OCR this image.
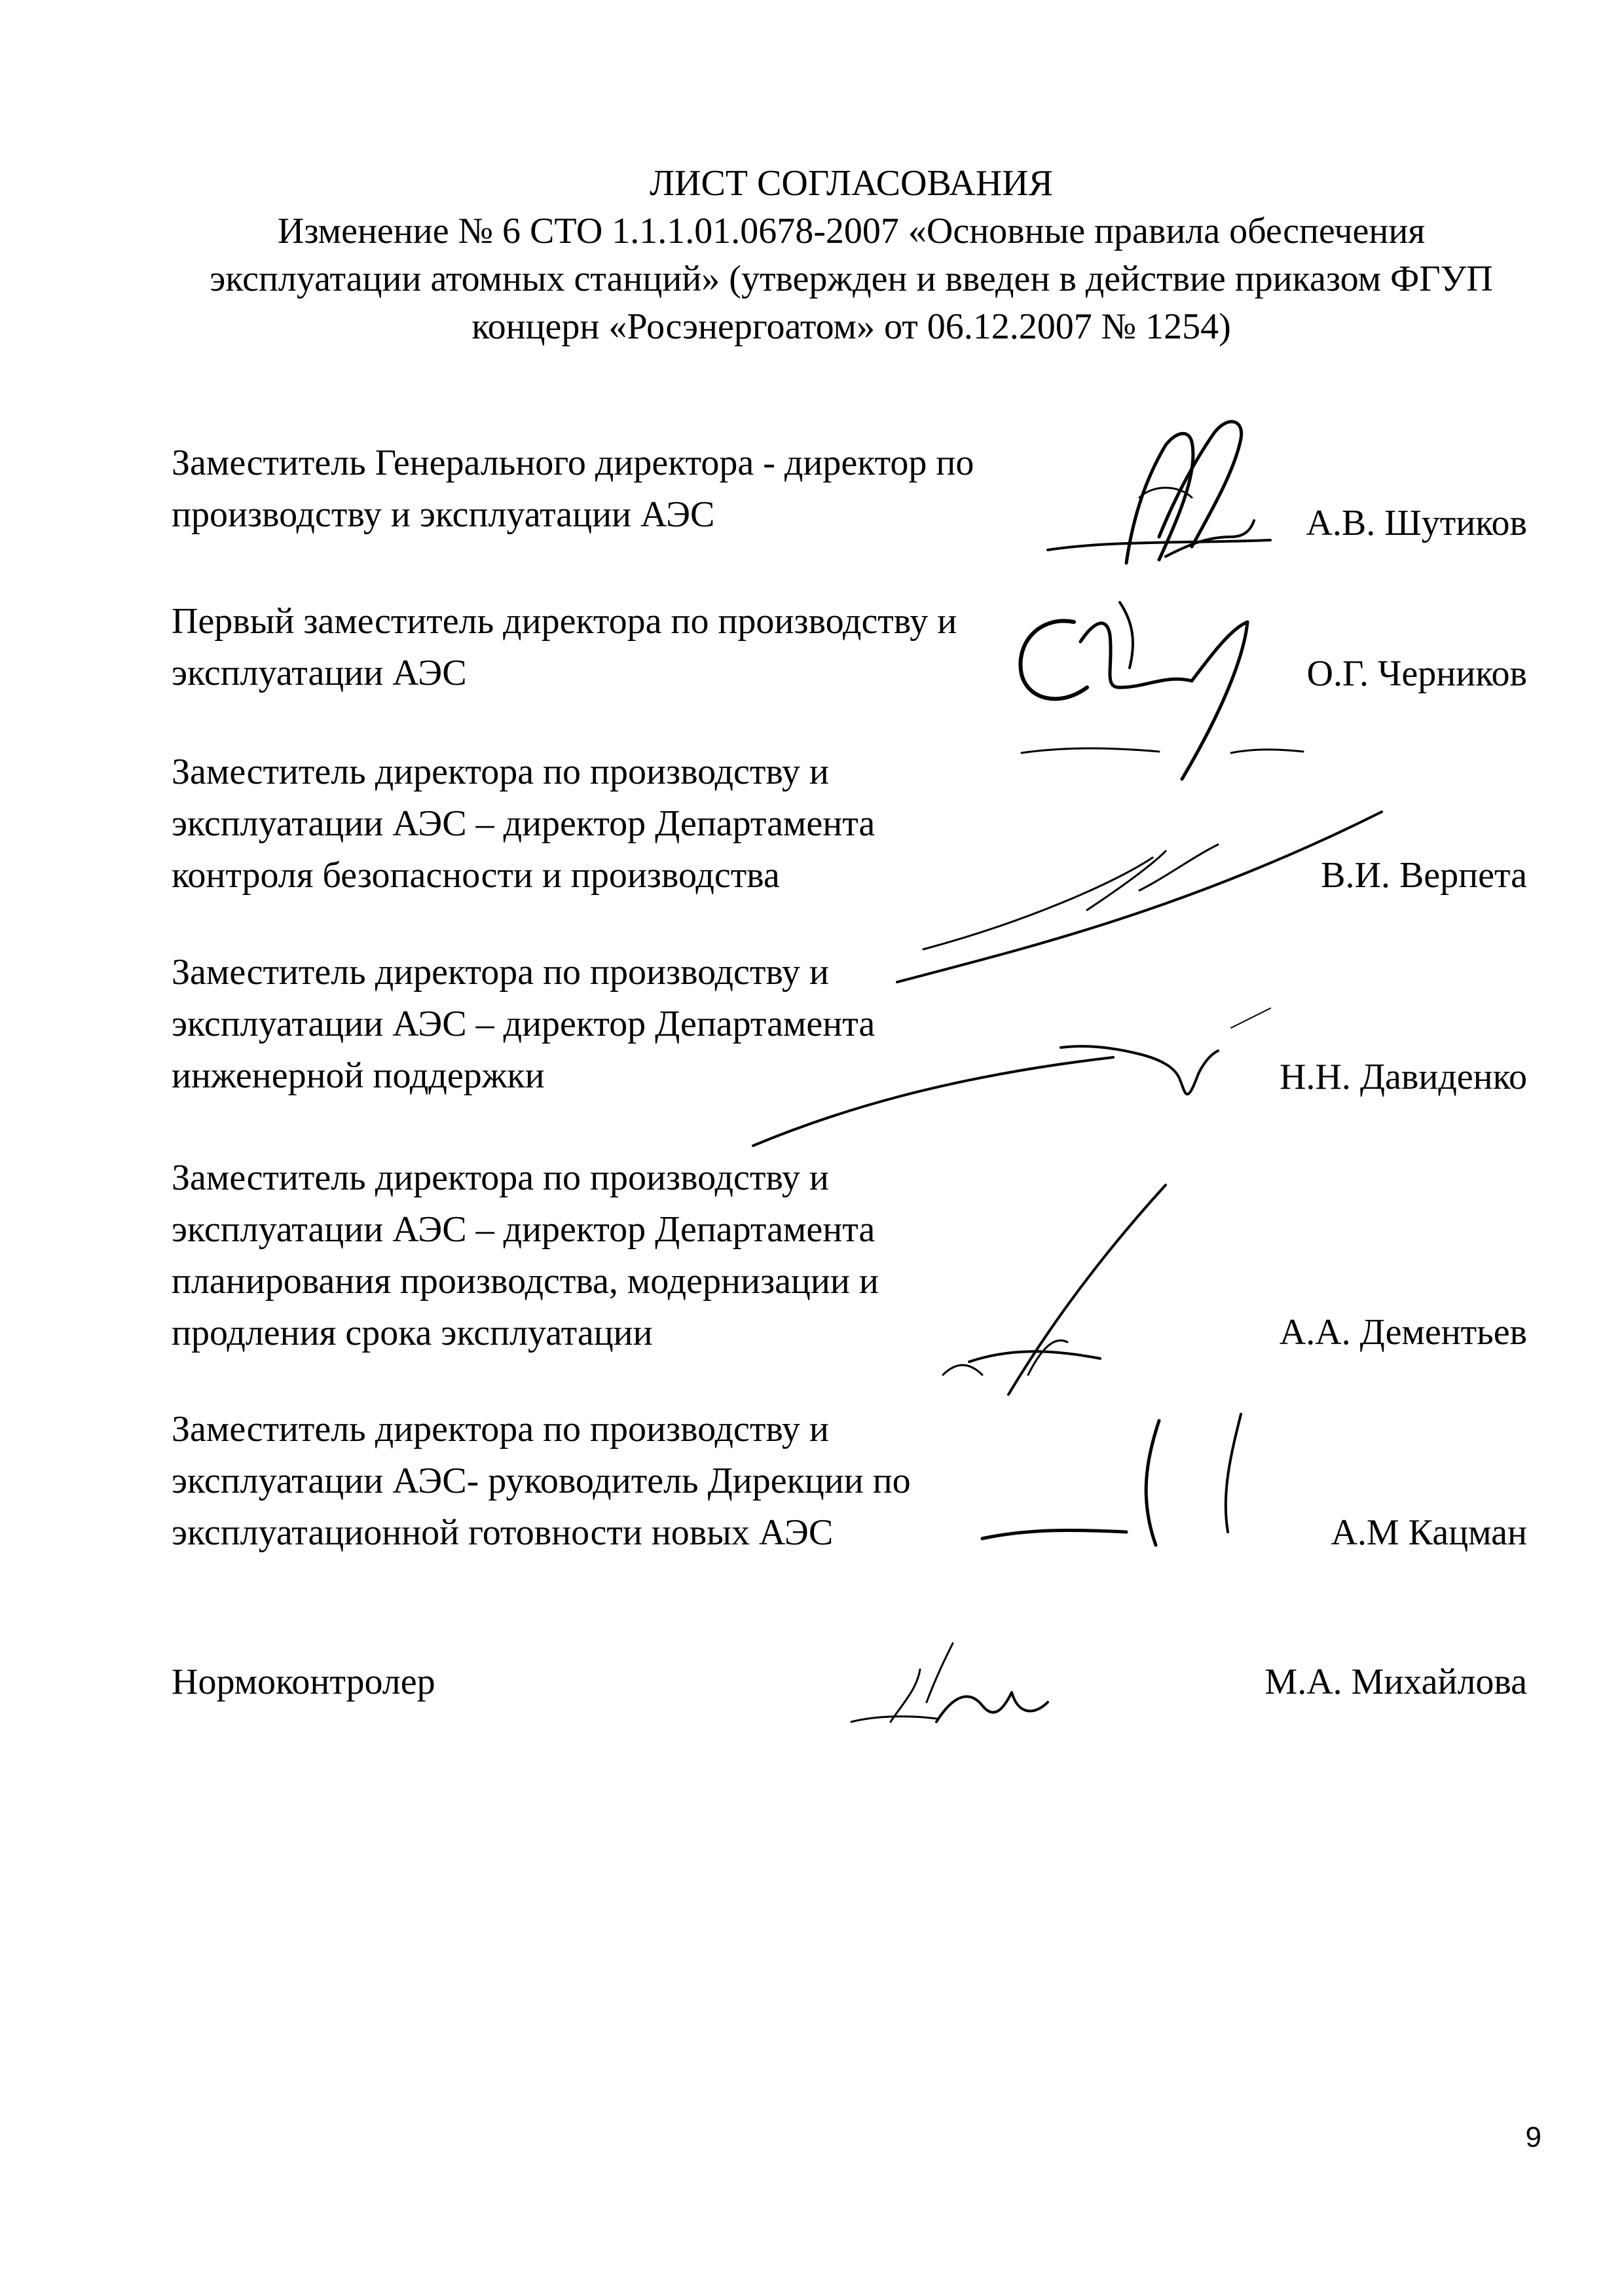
ЛИСТ СОГЛАСОВАНИЯ
Изменение № 6 СТО 1.1.1.01.0678-2007 «Основные правила обеспечения
эксплуатации атомных станций» (утвержден и введен в действие приказом ФГУП
концерн «Росэнергоатом» от 06.12.2007 № 1254)
Заместитель Генерального директора - директор по
производству и эксплуатации АЭС	А.В. Шутиков
Первый заместитель директора по производству и
эксплуатации АЭС	О.Г. Черников
Заместитель директора по производству и
эксплуатации АЭС – директор Департамента
контроля безопасности и производства	В.И. Верпета
Заместитель директора по производству и
эксплуатации АЭС – директор Департамента
инженерной поддержки	Н.Н. Давиденко
Заместитель директора по производству и
эксплуатации АЭС – директор Департамента
планирования производства, модернизации и
продления срока эксплуатации	А.А. Дементьев
Заместитель директора по производству и
эксплуатации АЭС- руководитель Дирекции по
эксплуатационной готовности новых АЭС	А.М Кацман
Нормоконтролер	М.А. Михайлова
9
